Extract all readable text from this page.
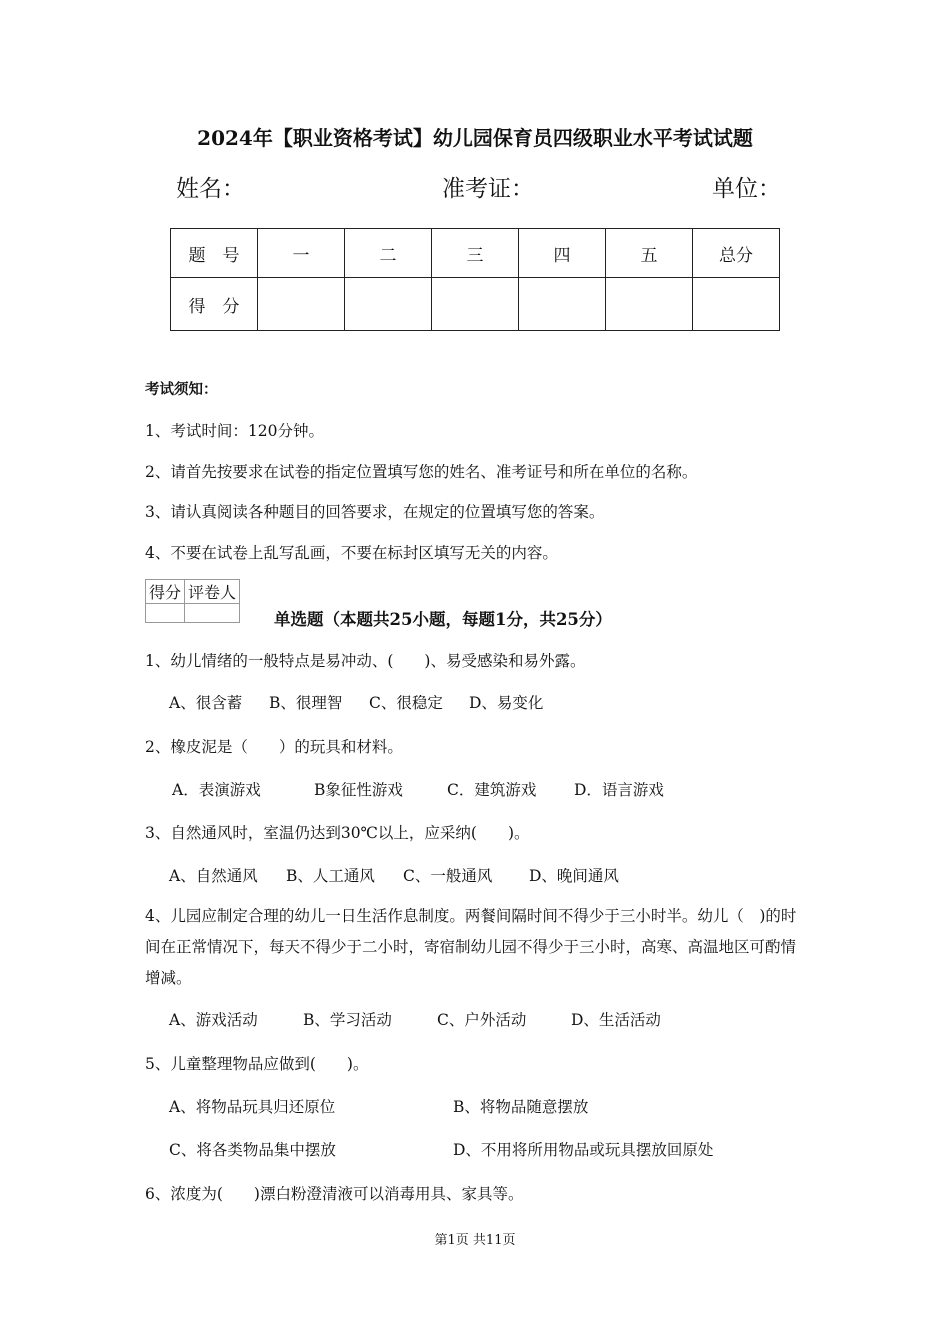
2024年【职业资格考试】幼儿园保育员四级职业水平考试试题
姓名：	准考证：	单位：
题　号	一	二	三	四	五	总分
得　分						
考试须知：
1、考试时间：120分钟。
2、请首先按要求在试卷的指定位置填写您的姓名、准考证号和所在单位的名称。
3、请认真阅读各种题目的回答要求，在规定的位置填写您的答案。
4、不要在试卷上乱写乱画，不要在标封区填写无关的内容。
得分	评卷人

单选题（本题共25小题，每题1分，共25分）
1、幼儿情绪的一般特点是易冲动、(　　)、易受感染和易外露。
A、很含蓄 B、很理智 C、很稳定 D、易变化
2、橡皮泥是（　　）的玩具和材料。
A．表演游戏	B象征性游戏	C．建筑游戏 D．语言游戏
3、自然通风时，室温仍达到30℃以上，应采纳(　　)。
A、自然通风 B、人工通风 C、一般通风 D、晚间通风
4、儿园应制定合理的幼儿一日生活作息制度。两餐间隔时间不得少于三小时半。幼儿（　)的时间在正常情况下，每天不得少于二小时，寄宿制幼儿园不得少于三小时，高寒、高温地区可酌情增减。
A、游戏活动	B、学习活动	C、户外活动	D、生活活动
5、儿童整理物品应做到(　　)。
A、将物品玩具归还原位	B、将物品随意摆放
C、将各类物品集中摆放	D、不用将所用物品或玩具摆放回原处
6、浓度为(　　)漂白粉澄清液可以消毒用具、家具等。
第1页 共11页
